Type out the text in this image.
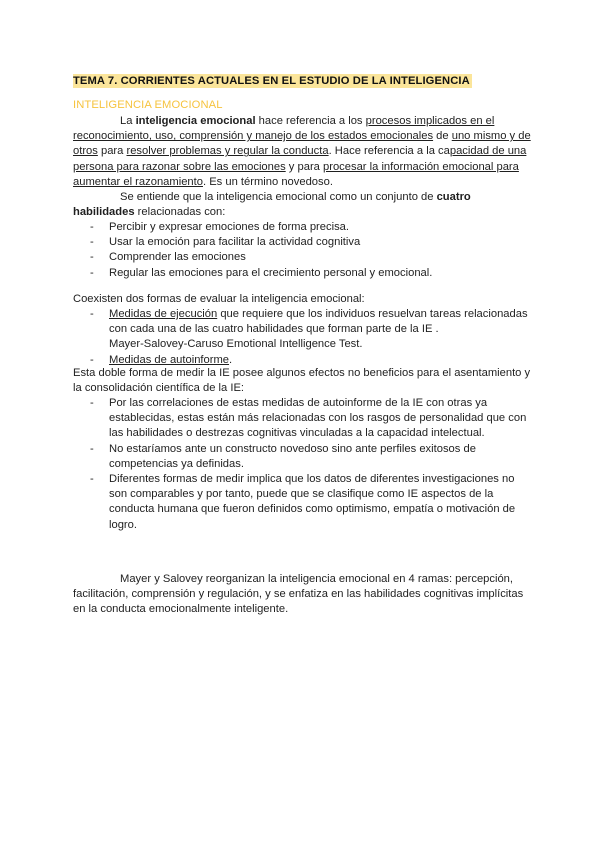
TEMA 7. CORRIENTES ACTUALES EN EL ESTUDIO DE LA INTELIGENCIA
INTELIGENCIA EMOCIONAL

La inteligencia emocional hace referencia a los procesos implicados en el reconocimiento, uso, comprensión y manejo de los estados emocionales de uno mismo y de otros para resolver problemas y regular la conducta. Hace referencia a la capacidad de una persona para razonar sobre las emociones y para procesar la información emocional para aumentar el razonamiento. Es un término novedoso.

Se entiende que la inteligencia emocional como un conjunto de cuatro habilidades relacionadas con:

- Percibir y expresar emociones de forma precisa.
- Usar la emoción para facilitar la actividad cognitiva
- Comprender las emociones
- Regular las emociones para el crecimiento personal y emocional.

Coexisten dos formas de evaluar la inteligencia emocional:

- Medidas de ejecución que requiere que los individuos resuelvan tareas relacionadas con cada una de las cuatro habilidades que forman parte de la IE .
Mayer-Salovey-Caruso Emotional Intelligence Test.
- Medidas de autoinforme.

Esta doble forma de medir la IE posee algunos efectos no beneficios para el asentamiento y la consolidación científica de la IE:

- Por las correlaciones de estas medidas de autoinforme de la IE con otras ya establecidas, estas están más relacionadas con los rasgos de personalidad que con las habilidades o destrezas cognitivas vinculadas a la capacidad intelectual.
- No estaríamos ante un constructo novedoso sino ante perfiles exitosos de competencias ya definidas.
- Diferentes formas de medir implica que los datos de diferentes investigaciones no son comparables y por tanto, puede que se clasifique como IE aspectos de la conducta humana que fueron definidos como optimismo, empatía o motivación de logro.

Mayer y Salovey reorganizan la inteligencia emocional en 4 ramas: percepción, facilitación, comprensión y regulación, y se enfatiza en las habilidades cognitivas implícitas en la conducta emocionalmente inteligente.
